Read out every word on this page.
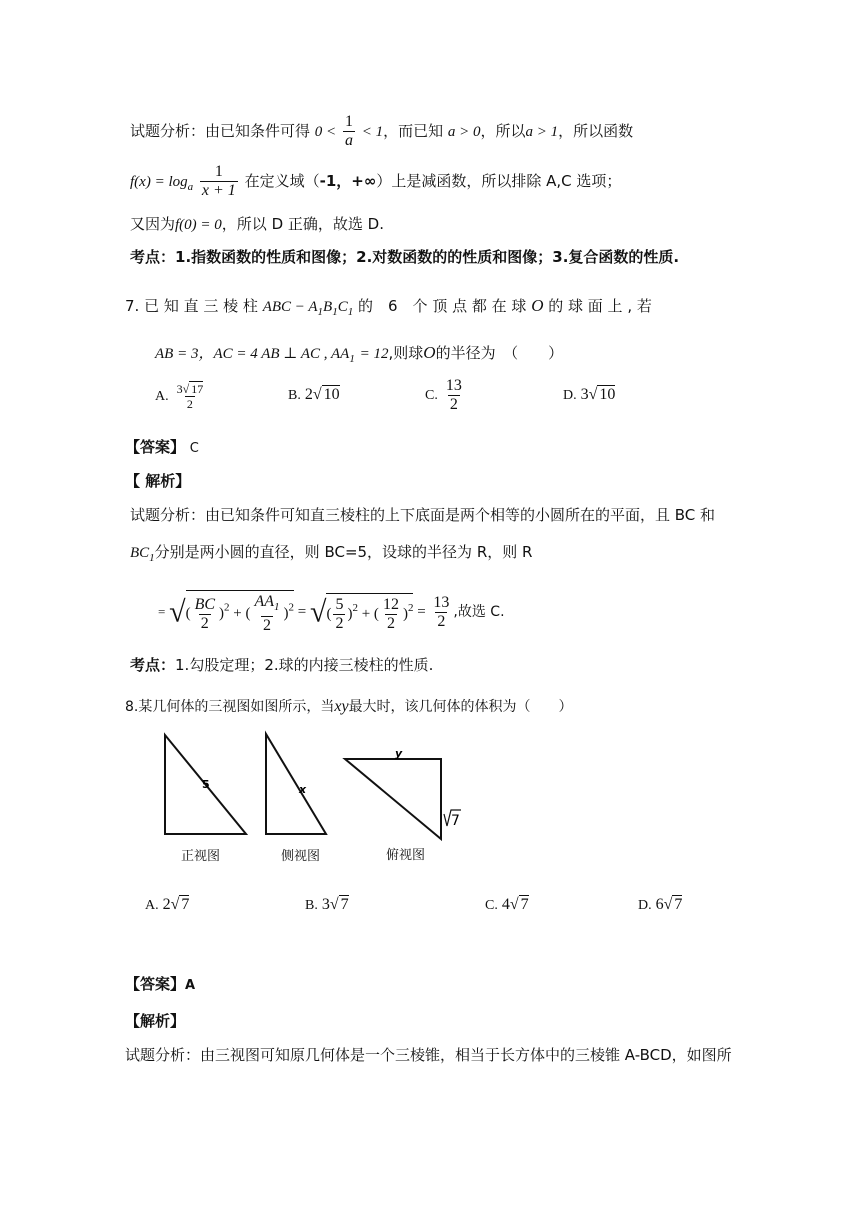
试题分析：由已知条件可得 $0 < \frac{1}{a} < 1$，而已知 a > 0，所以a > 1，所以函数
$f(x) = \log_a \frac{1}{x + 1}$ 在定义域（-1，+∞）上是减函数，所以排除 A,C 选项；
又因为f(0) = 0，所以 D 正确，故选 D.
考点：1.指数函数的性质和图像；2.对数函数的的性质和图像；3.复合函数的性质.
7. 已 知 直 三 棱 柱 ABC − $A_1B_1C_1$ 的　6　个 顶 点 都 在 球 O 的 球 面 上 , 若
AB = 3，AC = 4 AB ⊥ AC , $AA_1 = 12$,则球O的半径为　（　　）
A. $\frac{3√ 17}{2}$	B. 2√ 10	C. $\frac{13}{2}$	D. 3√ 10
【答案】 C
【 解析】
试题分析：由已知条件可知直三棱柱的上下底面是两个相等的小圆所在的平面，且 BC 和
$BC_1$分别是两小圆的直径，则 BC=5，设球的半径为 R，则 R
= √( $\frac{BC}{2} )^2$ + ( $\frac{AA_1}{2} )^2$ = √( $\frac{5}{2} )^2$ + ( $\frac{12}{2} )^2 = \frac{13}{2}$ ,故选 C.
考点：1.勾股定理；2.球的内接三棱柱的性质.
8.某几何体的三视图如图所示，当xy最大时，该几何体的体积为（　　）
5	x
y
7
正视图	侧视图	俯视图
A. 2√ 7	B. 3√ 7	C. 4√ 7	D. 6√ 7
【答案】A
【解析】
试题分析：由三视图可知原几何体是一个三棱锥，相当于长方体中的三棱锥 A-BCD，如图所
